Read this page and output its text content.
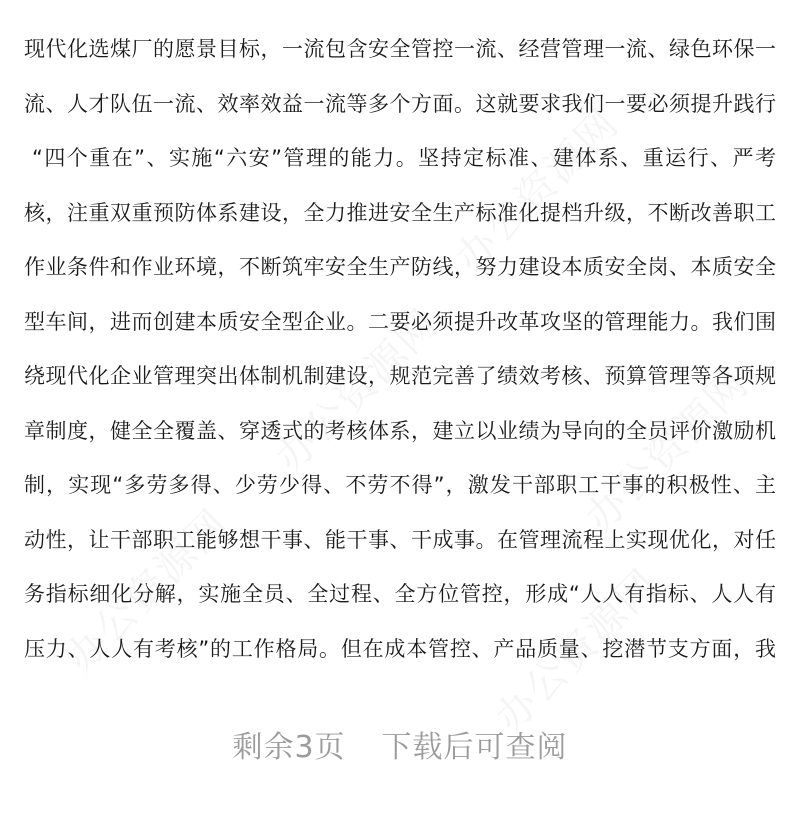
办公资源网
办公资源网	办公资源网
办公资源网	办公资源网
现代化选煤厂的愿景目标，一流包含安全管控一流、经营管理一流、绿色环保一
流、人才队伍一流、效率效益一流等多个方面。这就要求我们一要必须提升践行
“四个重在”、实施“六安”管理的能力。坚持定标准、建体系、重运行、严考
核，注重双重预防体系建设，全力推进安全生产标准化提档升级，不断改善职工
作业条件和作业环境，不断筑牢安全生产防线，努力建设本质安全岗、本质安全
型车间，进而创建本质安全型企业。二要必须提升改革攻坚的管理能力。我们围
绕现代化企业管理突出体制机制建设，规范完善了绩效考核、预算管理等各项规
章制度，健全全覆盖、穿透式的考核体系，建立以业绩为导向的全员评价激励机
制，实现“多劳多得、少劳少得、不劳不得”，激发干部职工干事的积极性、主
动性，让干部职工能够想干事、能干事、干成事。在管理流程上实现优化，对任
务指标细化分解，实施全员、全过程、全方位管控，形成“人人有指标、人人有
压力、人人有考核”的工作格局。但在成本管控、产品质量、挖潜节支方面，我
剩余3页 下载后可查阅
